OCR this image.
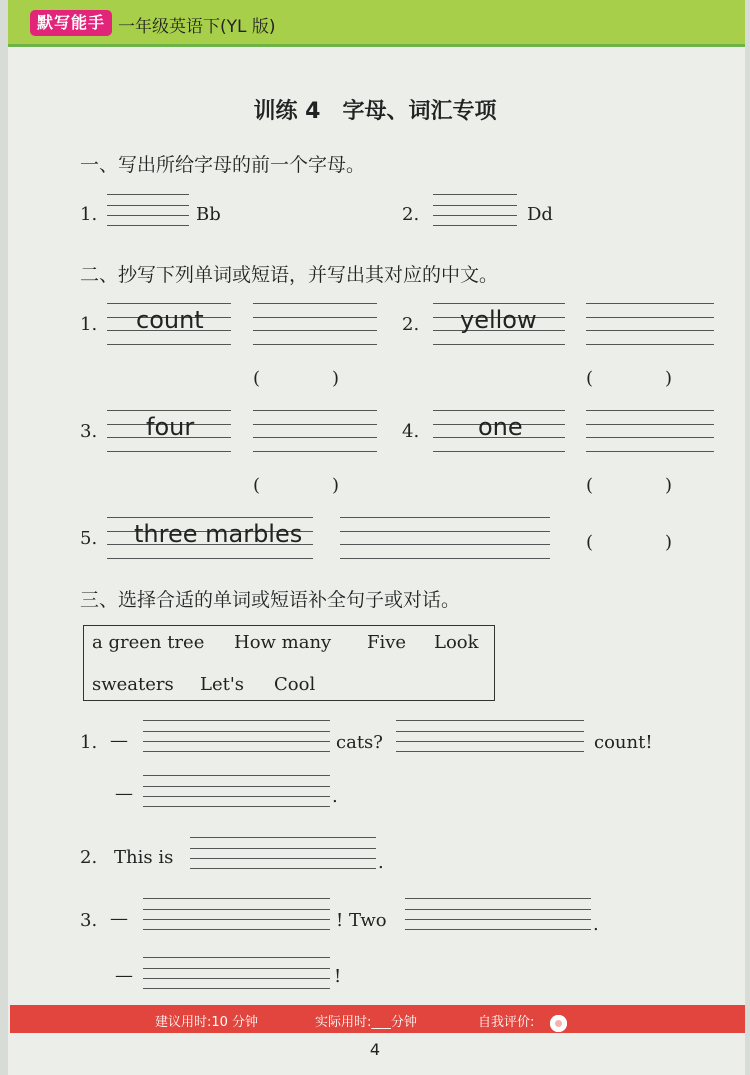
默写能手 一年级英语下(YL 版)
训练 4　字母、词汇专项
一、写出所给字母的前一个字母。
1.	Bb	2.	Dd
二、抄写下列单词或短语，并写出其对应的中文。
1. count
(　　　　)
2. yellow
(　　　　)
3. four
(　　　　)
4. one
(　　　　)
5. three marbles	(　　　　)
三、选择合适的单词或短语补全句子或对话。
a green tree How many Five Look
sweaters Let's Cool
1. —	cats?	count!
—	.
2. This is	.
3. —	! Two	.
—	!
建议用时:10 分钟	实际用时:___分钟	自我评价:
4
